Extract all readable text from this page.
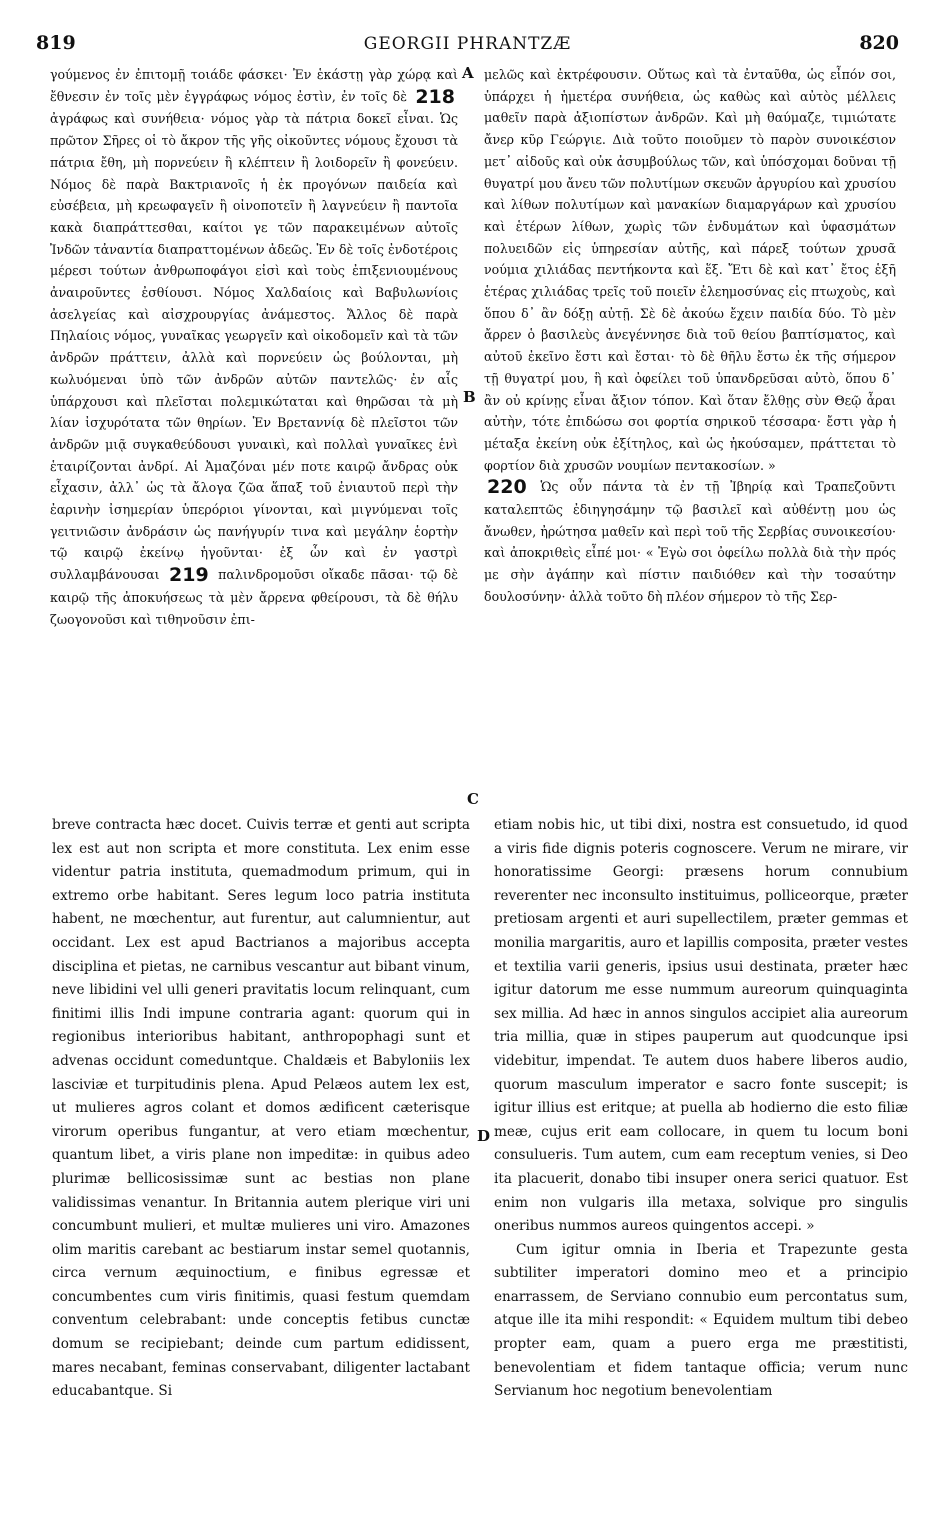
819	GEORGII PHRANTZÆ	820

γούμενος ἐν ἐπιτομῇ τοιάδε φάσκει· Ἐν ἑκάστῃ γὰρ χώρᾳ καὶ ἔθνεσιν ἐν τοῖς μὲν ἐγγράφως νόμος ἐστὶν, ἐν τοῖς δὲ 218 ἀγράφως καὶ συνήθεια· νόμος γὰρ τὰ πάτρια δοκεῖ εἶναι. Ὡς πρῶτον Σῆρες οἱ τὸ ἄκρον τῆς γῆς οἰκοῦντες νόμους ἔχουσι τὰ πάτρια ἔθη, μὴ πορνεύειν ἢ κλέπτειν ἢ λοιδορεῖν ἢ φονεύειν. Νόμος δὲ παρὰ Βακτριανοῖς ἡ ἐκ προγόνων παιδεία καὶ εὐσέβεια, μὴ κρεωφαγεῖν ἢ οἰνοποτεῖν ἢ λαγνεύειν ἢ παντοῖα κακὰ διαπράττεσθαι, καίτοι γε τῶν παρακειμένων αὐτοῖς Ἰνδῶν τἀναντία διαπραττομένων ἀδεῶς. Ἐν δὲ τοῖς ἐνδοτέροις μέρεσι τούτων ἀνθρωποφάγοι εἰσὶ καὶ τοὺς ἐπιξενιουμένους ἀναιροῦντες ἐσθίουσι. Νόμος Χαλδαίοις καὶ Βαβυλωνίοις ἀσελγείας καὶ αἰσχρουργίας ἀνάμεστος. Ἄλλος δὲ παρὰ Πηλαίοις νόμος, γυναῖκας γεωργεῖν καὶ οἰκοδομεῖν καὶ τὰ τῶν ἀνδρῶν πράττειν, ἀλλὰ καὶ πορνεύειν ὡς βούλονται, μὴ κωλυόμεναι ὑπὸ τῶν ἀνδρῶν αὐτῶν παντελῶς· ἐν αἷς ὑπάρχουσι καὶ πλεῖσται πολεμικώταται καὶ θηρῶσαι τὰ μὴ λίαν ἰσχυρότατα τῶν θηρίων. Ἐν Βρεταννίᾳ δὲ πλεῖστοι τῶν ἀνδρῶν μιᾷ συγκαθεύδουσι γυναικὶ, καὶ πολλαὶ γυναῖκες ἑνὶ ἑταιρίζονται ἀνδρί. Αἱ Ἀμαζόναι μέν ποτε καιρῷ ἄνδρας οὐκ εἶχασιν, ἀλλ᾽ ὡς τὰ ἄλογα ζῶα ἅπαξ τοῦ ἐνιαυτοῦ περὶ τὴν ἐαρινὴν ἰσημερίαν ὑπερόριοι γίνονται, καὶ μιγνύμεναι τοῖς γειτνιῶσιν ἀνδράσιν ὡς πανήγυρίν τινα καὶ μεγάλην ἑορτὴν τῷ καιρῷ ἐκείνῳ ἡγοῦνται· ἐξ ὧν καὶ ἐν γαστρὶ συλλαμβάνουσαι 219 παλινδρομοῦσι οἴκαδε πᾶσαι· τῷ δὲ καιρῷ τῆς ἀποκυήσεως τὰ μὲν ἄρρενα φθείρουσι, τὰ δὲ θήλυ ζωογονοῦσι καὶ τιθηνοῦσιν ἐπι-

A
B
C

μελῶς καὶ ἐκτρέφουσιν. Οὕτως καὶ τὰ ἐνταῦθα, ὡς εἶπόν σοι, ὑπάρχει ἡ ἡμετέρα συνήθεια, ὡς καθὼς καὶ αὐτὸς μέλλεις μαθεῖν παρὰ ἀξιοπίστων ἀνδρῶν. Καὶ μὴ θαύμαζε, τιμιώτατε ἄνερ κῦρ Γεώργιε. Διὰ τοῦτο ποιοῦμεν τὸ παρὸν συνοικέσιον μετ᾽ αἰδοῦς καὶ οὐκ ἀσυμβούλως τῶν, καὶ ὑπόσχομαι δοῦναι τῇ θυγατρί μου ἄνευ τῶν πολυτίμων σκευῶν ἀργυρίου καὶ χρυσίου καὶ λίθων πολυτίμων καὶ μανακίων διαμαργάρων καὶ χρυσίου καὶ ἑτέρων λίθων, χωρὶς τῶν ἐνδυμάτων καὶ ὑφασμάτων πολυειδῶν εἰς ὑπηρεσίαν αὐτῆς, καὶ πάρεξ τούτων χρυσᾶ νούμια χιλιάδας πεντήκοντα καὶ ἕξ. Ἔτι δὲ καὶ κατ᾽ ἔτος ἑξῆ ἑτέρας χιλιάδας τρεῖς τοῦ ποιεῖν ἐλεημοσύνας εἰς πτωχοὺς, καὶ ὅπου δ᾽ ἂν δόξῃ αὐτῇ. Σὲ δὲ ἀκούω ἔχειν παιδία δύο. Τὸ μὲν ἄρρεν ὁ βασιλεὺς ἀνεγέννησε διὰ τοῦ θείου βαπτίσματος, καὶ αὐτοῦ ἐκεῖνο ἔστι καὶ ἔσται· τὸ δὲ θῆλυ ἔστω ἐκ τῆς σήμερον τῇ θυγατρί μου, ἣ καὶ ὀφείλει τοῦ ὑπανδρεῦσαι αὐτὸ, ὅπου δ᾽ ἂν οὐ κρίνῃς εἶναι ἄξιον τόπον. Καὶ ὅταν ἔλθῃς σὺν Θεῷ ἆραι αὐτὴν, τότε ἐπιδώσω σοι φορτία σηρικοῦ τέσσαρα· ἔστι γὰρ ἡ μέταξα ἐκείνη οὐκ ἐξίτηλος, καὶ ὡς ἠκούσαμεν, πράττεται τὸ φορτίον διὰ χρυσῶν νουμίων πεντακοσίων. »

220 Ὡς οὖν πάντα τὰ ἐν τῇ Ἰβηρίᾳ καὶ Τραπεζοῦντι καταλεπτῶς ἐδιηγησάμην τῷ βασιλεῖ καὶ αὐθέντῃ μου ὡς ἄνωθεν, ἠρώτησα μαθεῖν καὶ περὶ τοῦ τῆς Σερβίας συνοικεσίου· καὶ ἀποκριθεὶς εἶπέ μοι· « Ἐγὼ σοι ὀφείλω πολλὰ διὰ τὴν πρός με σὴν ἀγάπην καὶ πίστιν παιδιόθεν καὶ τὴν τοσαύτην δουλοσύνην· ἀλλὰ τοῦτο δὴ πλέον σήμερον τὸ τῆς Σερ-

breve contracta hæc docet. Cuivis terræ et genti aut scripta lex est aut non scripta et more constituta. Lex enim esse videntur patria instituta, quemadmodum primum, qui in extremo orbe habitant. Seres legum loco patria instituta habent, ne mœchentur, aut furentur, aut calumnientur, aut occidant. Lex est apud Bactrianos a majoribus accepta disciplina et pietas, ne carnibus vescantur aut bibant vinum, neve libidini vel ulli generi pravitatis locum relinquant, cum finitimi illis Indi impune contraria agant: quorum qui in regionibus interioribus habitant, anthropophagi sunt et advenas occidunt comeduntque. Chaldæis et Babyloniis lex lasciviæ et turpitudinis plena. Apud Pelæos autem lex est, ut mulieres agros colant et domos ædificent cæterisque virorum operibus fungantur, at vero etiam mœchentur, quantum libet, a viris plane non impeditæ: in quibus adeo plurimæ bellicosissimæ sunt ac bestias non plane validissimas venantur. In Britannia autem plerique viri uni concumbunt mulieri, et multæ mulieres uni viro. Amazones olim maritis carebant ac bestiarum instar semel quotannis, circa vernum æquinoctium, e finibus egressæ et concumbentes cum viris finitimis, quasi festum quemdam conventum celebrabant: unde conceptis fetibus cunctæ domum se recipiebant; deinde cum partum edidissent, mares necabant, feminas conservabant, diligenter lactabant educabantque. Si

D

etiam nobis hic, ut tibi dixi, nostra est consuetudo, id quod a viris fide dignis poteris cognoscere. Verum ne mirare, vir honoratissime Georgi: præsens horum connubium reverenter nec inconsulto instituimus, polliceorque, præter pretiosam argenti et auri supellectilem, præter gemmas et monilia margaritis, auro et lapillis composita, præter vestes et textilia varii generis, ipsius usui destinata, præter hæc igitur datorum me esse nummum aureorum quinquaginta sex millia. Ad hæc in annos singulos accipiet alia aureorum tria millia, quæ in stipes pauperum aut quodcunque ipsi videbitur, impendat. Te autem duos habere liberos audio, quorum masculum imperator e sacro fonte suscepit; is igitur illius est eritque; at puella ab hodierno die esto filiæ meæ, cujus erit eam collocare, in quem tu locum boni consulueris. Tum autem, cum eam receptum venies, si Deo ita placuerit, donabo tibi insuper onera serici quatuor. Est enim non vulgaris illa metaxa, solvique pro singulis oneribus nummos aureos quingentos accepi. »

Cum igitur omnia in Iberia et Trapezunte gesta subtiliter imperatori domino meo et a principio enarrassem, de Serviano connubio eum percontatus sum, atque ille ita mihi respondit: « Equidem multum tibi debeo propter eam, quam a puero erga me præstitisti, benevolentiam et fidem tantaque officia; verum nunc Servianum hoc negotium benevolentiam
